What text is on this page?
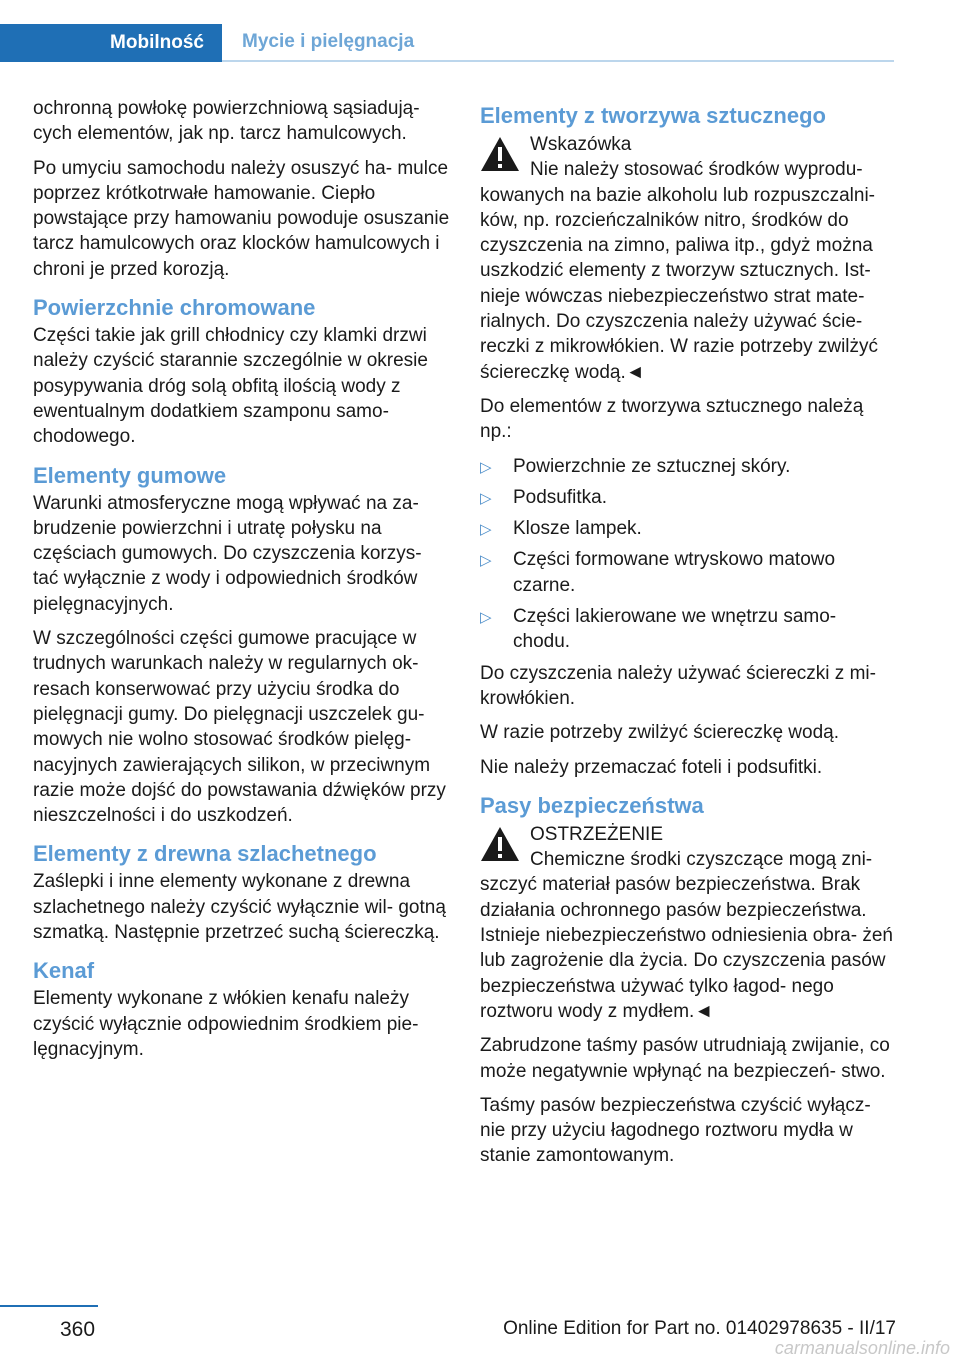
Mobilność	Mycie i pielęgnacja

ochronną powłokę powierzchniową sąsiadują‐ cych elementów, jak np. tarcz hamulcowych.

Po umyciu samochodu należy osuszyć ha‐ mulce poprzez krótkotrwałe hamowanie. Ciepło powstające przy hamowaniu powoduje osuszanie tarcz hamulcowych oraz klocków hamulcowych i chroni je przed korozją.

Powierzchnie chromowane

Części takie jak grill chłodnicy czy klamki drzwi należy czyścić starannie szczególnie w okresie posypywania dróg solą obfitą ilością wody z ewentualnym dodatkiem szamponu samo‐ chodowego.

Elementy gumowe

Warunki atmosferyczne mogą wpływać na za‐ brudzenie powierzchni i utratę połysku na częściach gumowych. Do czyszczenia korzys‐ tać wyłącznie z wody i odpowiednich środków pielęgnacyjnych.

W szczególności części gumowe pracujące w trudnych warunkach należy w regularnych ok‐ resach konserwować przy użyciu środka do pielęgnacji gumy. Do pielęgnacji uszczelek gu‐ mowych nie wolno stosować środków pielęg‐ nacyjnych zawierających silikon, w przeciwnym razie może dojść do powstawania dźwięków przy nieszczelności i do uszkodzeń.

Elementy z drewna szlachetnego

Zaślepki i inne elementy wykonane z drewna szlachetnego należy czyścić wyłącznie wil‐ gotną szmatką. Następnie przetrzeć suchą ściereczką.

Kenaf

Elementy wykonane z włókien kenafu należy czyścić wyłącznie odpowiednim środkiem pie‐ lęgnacyjnym.

Elementy z tworzywa sztucznego
Wskazówka
Nie należy stosować środków wyprodu‐ kowanych na bazie alkoholu lub rozpuszczalni‐ ków, np. rozcieńczalników nitro, środków do czyszczenia na zimno, paliwa itp., gdyż można uszkodzić elementy z tworzyw sztucznych. Ist‐ nieje wówczas niebezpieczeństwo strat mate‐ rialnych. Do czyszczenia należy używać ście‐ reczki z mikrowłókien. W razie potrzeby zwilżyć ściereczkę wodą.◄

Do elementów z tworzywa sztucznego należą np.:

▷ Powierzchnie ze sztucznej skóry.
▷ Podsufitka.
▷ Klosze lampek.
▷ Części formowane wtryskowo matowo czarne.
▷ Części lakierowane we wnętrzu samo‐ chodu.

Do czyszczenia należy używać ściereczki z mi‐ krowłókien.

W razie potrzeby zwilżyć ściereczkę wodą.

Nie należy przemaczać foteli i podsufitki.

Pasy bezpieczeństwa
OSTRZEŻENIE
Chemiczne środki czyszczące mogą zni‐ szczyć materiał pasów bezpieczeństwa. Brak działania ochronnego pasów bezpieczeństwa. Istnieje niebezpieczeństwo odniesienia obra‐ żeń lub zagrożenie dla życia. Do czyszczenia pasów bezpieczeństwa używać tylko łagod‐ nego roztworu wody z mydłem.◄

Zabrudzone taśmy pasów utrudniają zwijanie, co może negatywnie wpłynąć na bezpieczeń‐ stwo.

Taśmy pasów bezpieczeństwa czyścić wyłącz‐ nie przy użyciu łagodnego roztworu mydła w stanie zamontowanym.

360	Online Edition for Part no. 01402978635 - II/17
carmanualsonline.info
